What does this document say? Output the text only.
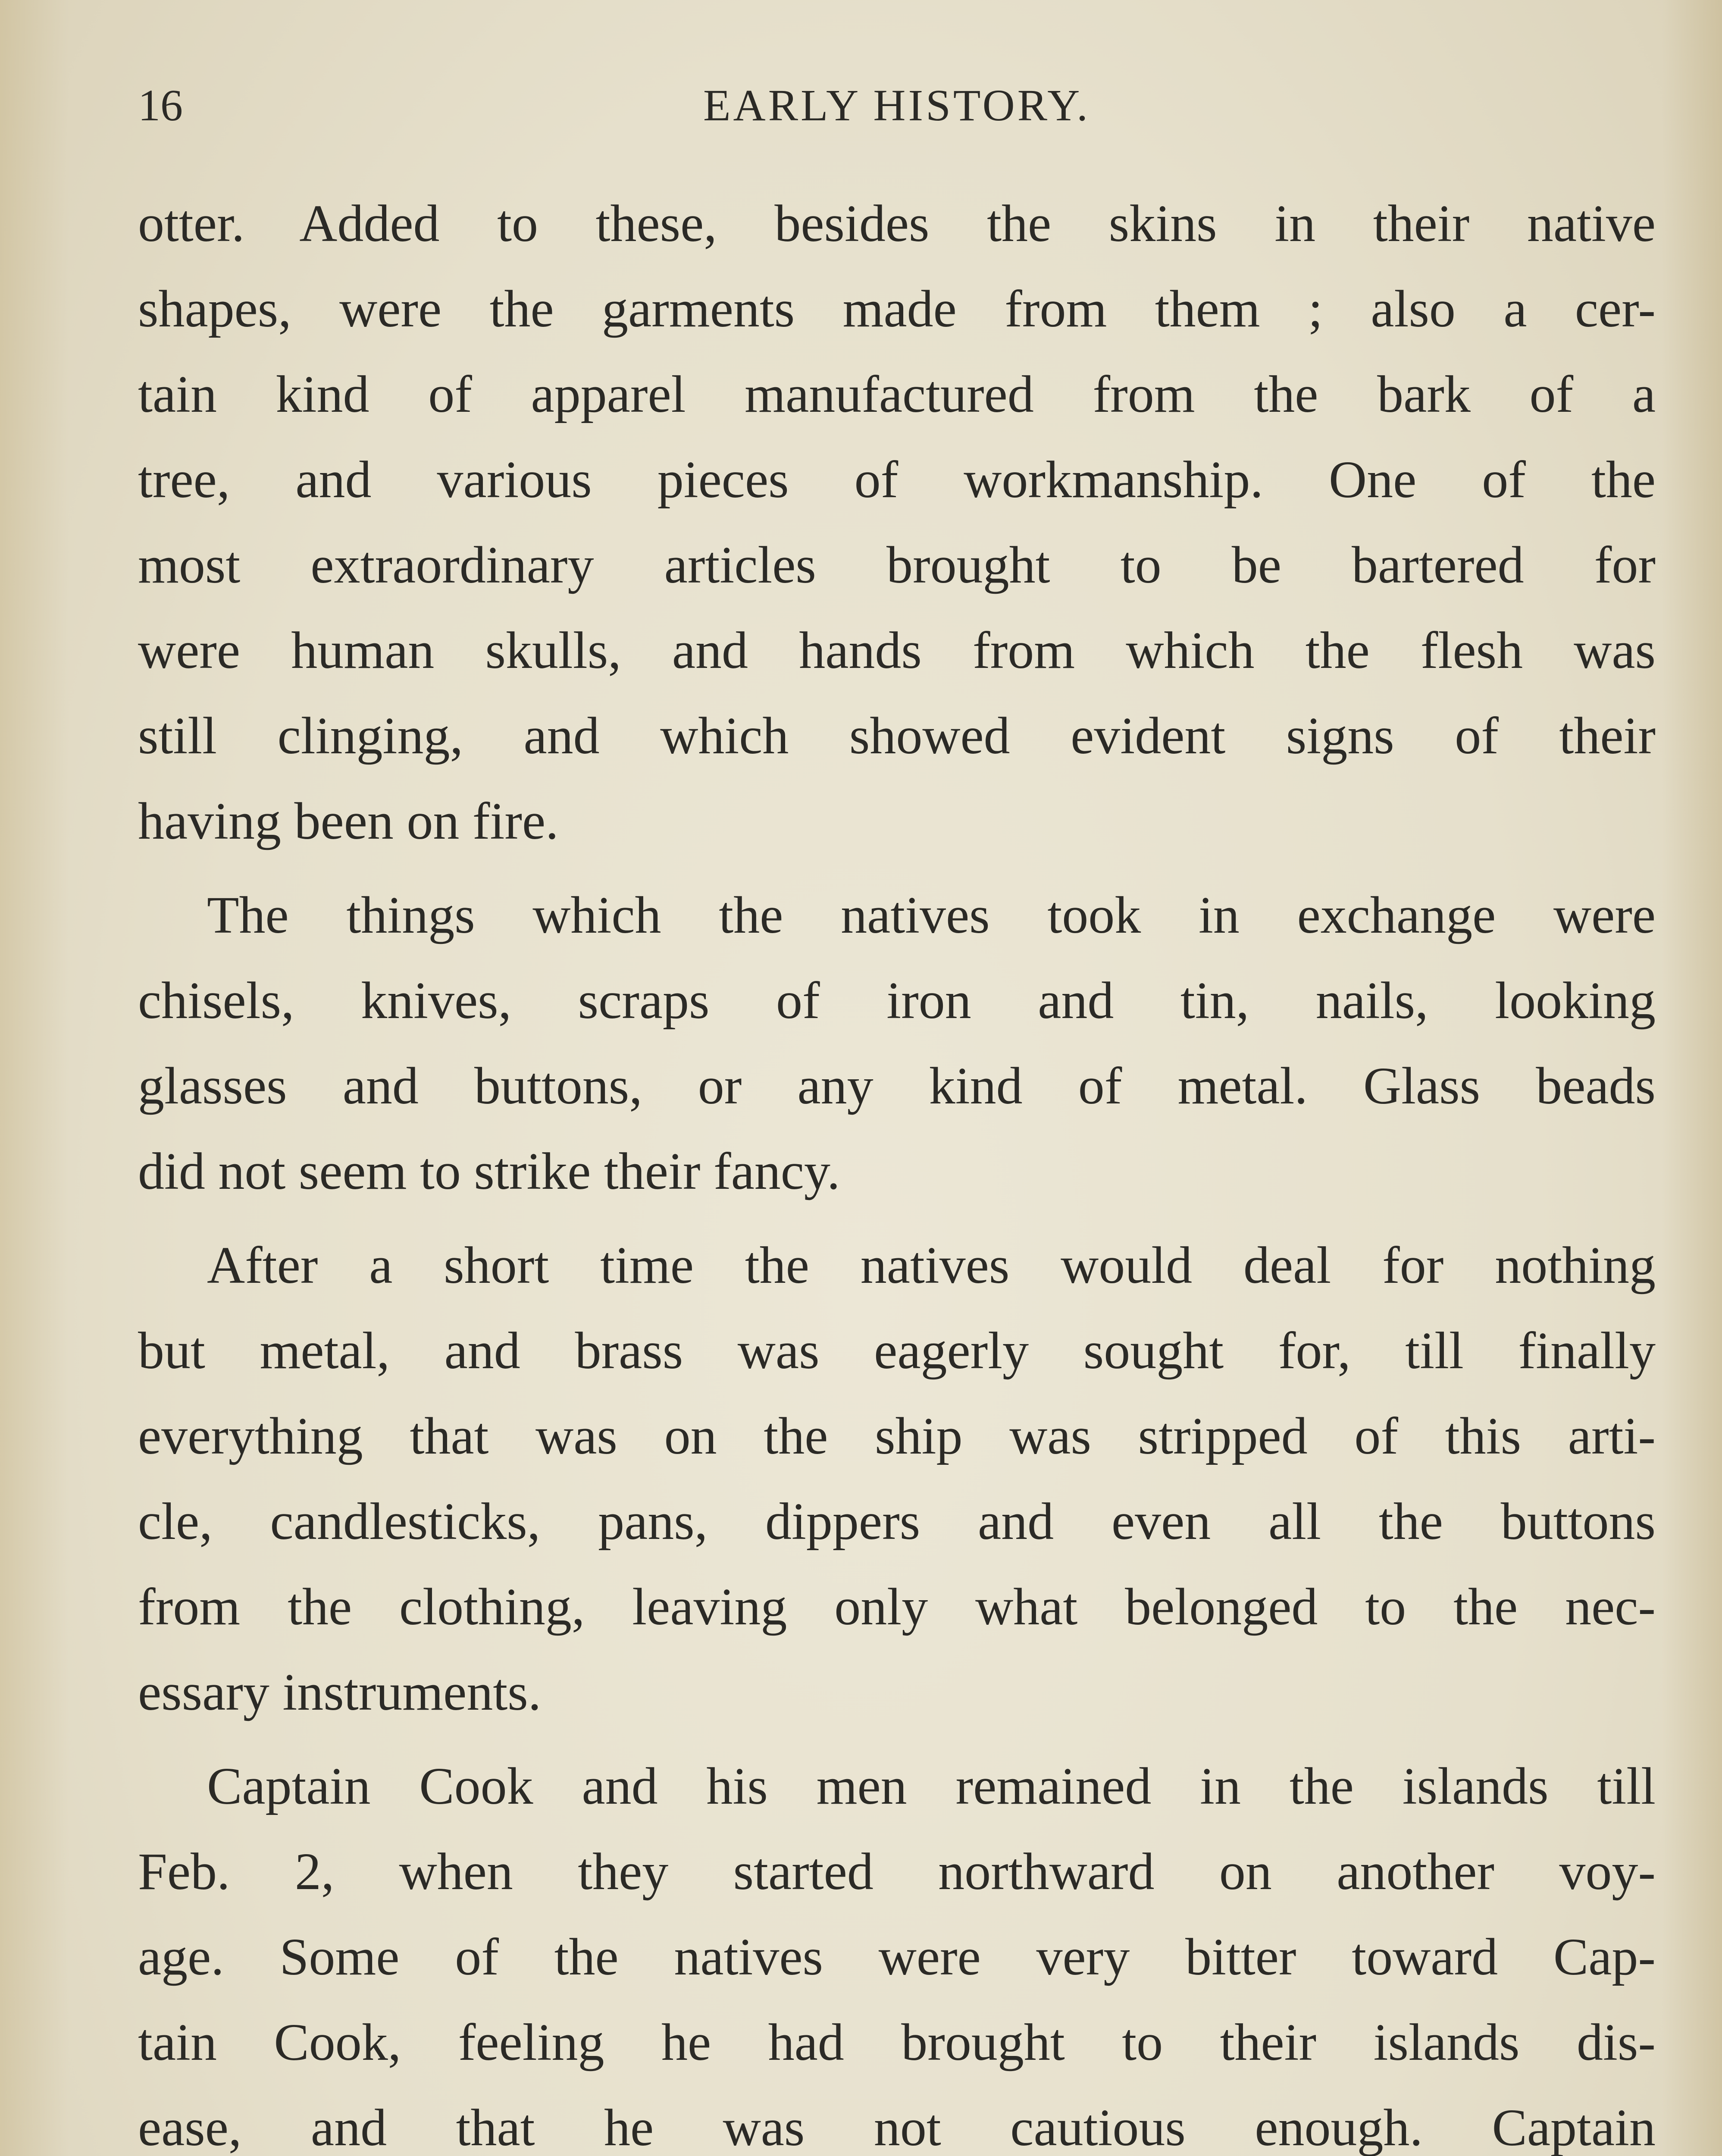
16	EARLY HISTORY.
otter. Added to these, besides the skins in their native
shapes, were the garments made from them ; also a cer-
tain kind of apparel manufactured from the bark of a
tree, and various pieces of workmanship. One of the
most extraordinary articles brought to be bartered for
were human skulls, and hands from which the flesh was
still clinging, and which showed evident signs of their
having been on fire.
The things which the natives took in exchange were
chisels, knives, scraps of iron and tin, nails, looking
glasses and buttons, or any kind of metal. Glass beads
did not seem to strike their fancy.
After a short time the natives would deal for nothing
but metal, and brass was eagerly sought for, till finally
everything that was on the ship was stripped of this arti-
cle, candlesticks, pans, dippers and even all the buttons
from the clothing, leaving only what belonged to the nec-
essary instruments.
Captain Cook and his men remained in the islands till
Feb. 2, when they started northward on another voy-
age. Some of the natives were very bitter toward Cap-
tain Cook, feeling he had brought to their islands dis-
ease, and that he was not cautious enough. Captain
